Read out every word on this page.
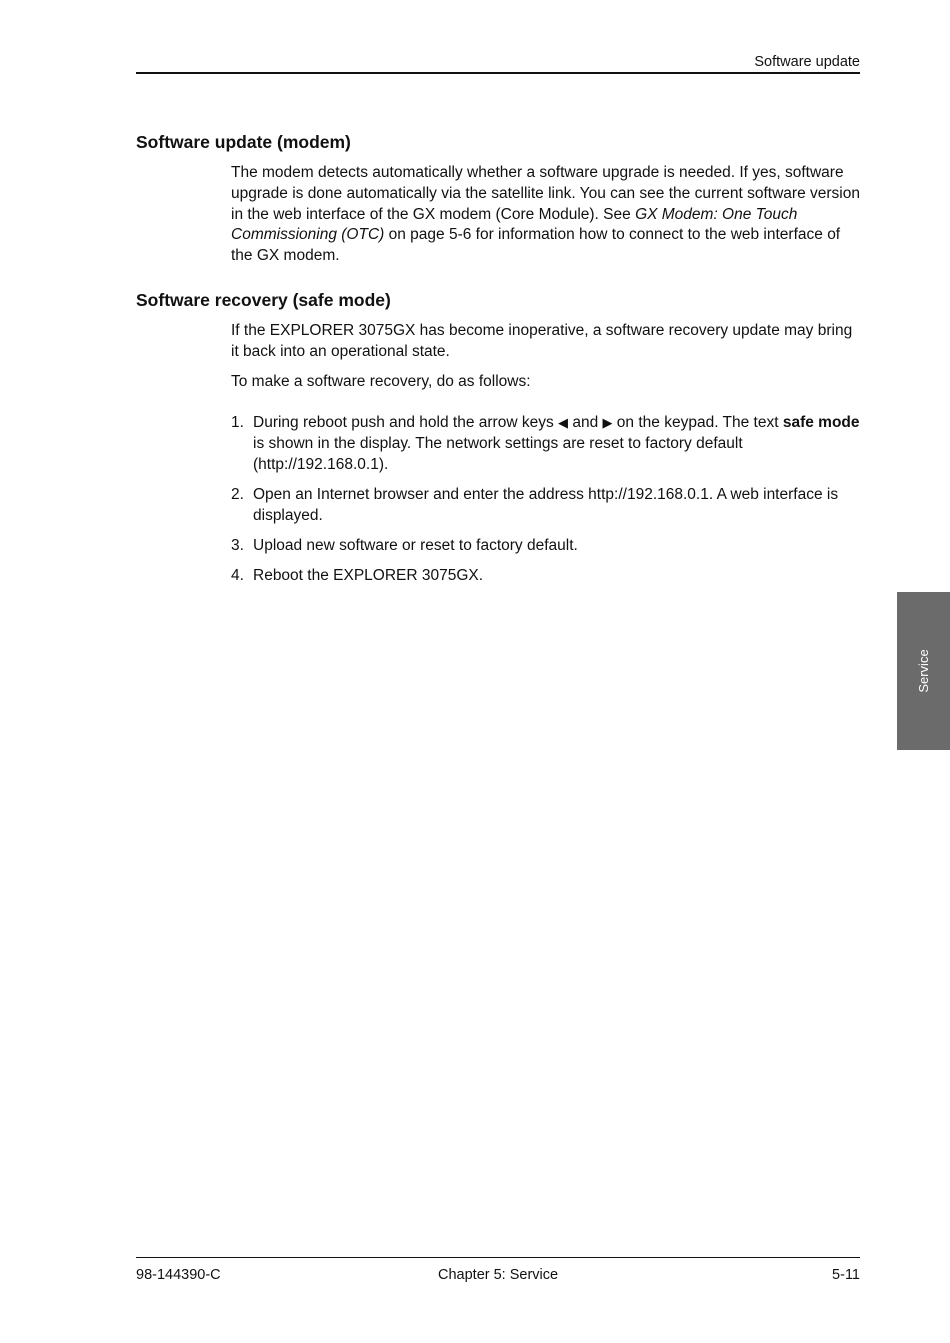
Software update
Software update (modem)

The modem detects automatically whether a software upgrade is needed. If yes, software upgrade is done automatically via the satellite link. You can see the current software version in the web interface of the GX modem (Core Module). See GX Modem: One Touch Commissioning (OTC) on page 5-6 for information how to connect to the web interface of the GX modem.

Software recovery (safe mode)

If the EXPLORER 3075GX has become inoperative, a software recovery update may bring it back into an operational state.

To make a software recovery, do as follows:

1. During reboot push and hold the arrow keys ◀ and ▶ on the keypad. The text safe mode is shown in the display. The network settings are reset to factory default (http://192.168.0.1).
2. Open an Internet browser and enter the address http://192.168.0.1. A web interface is displayed.
3. Upload new software or reset to factory default.
4. Reboot the EXPLORER 3075GX.
Service
98-144390-C	Chapter 5: Service	5-11
